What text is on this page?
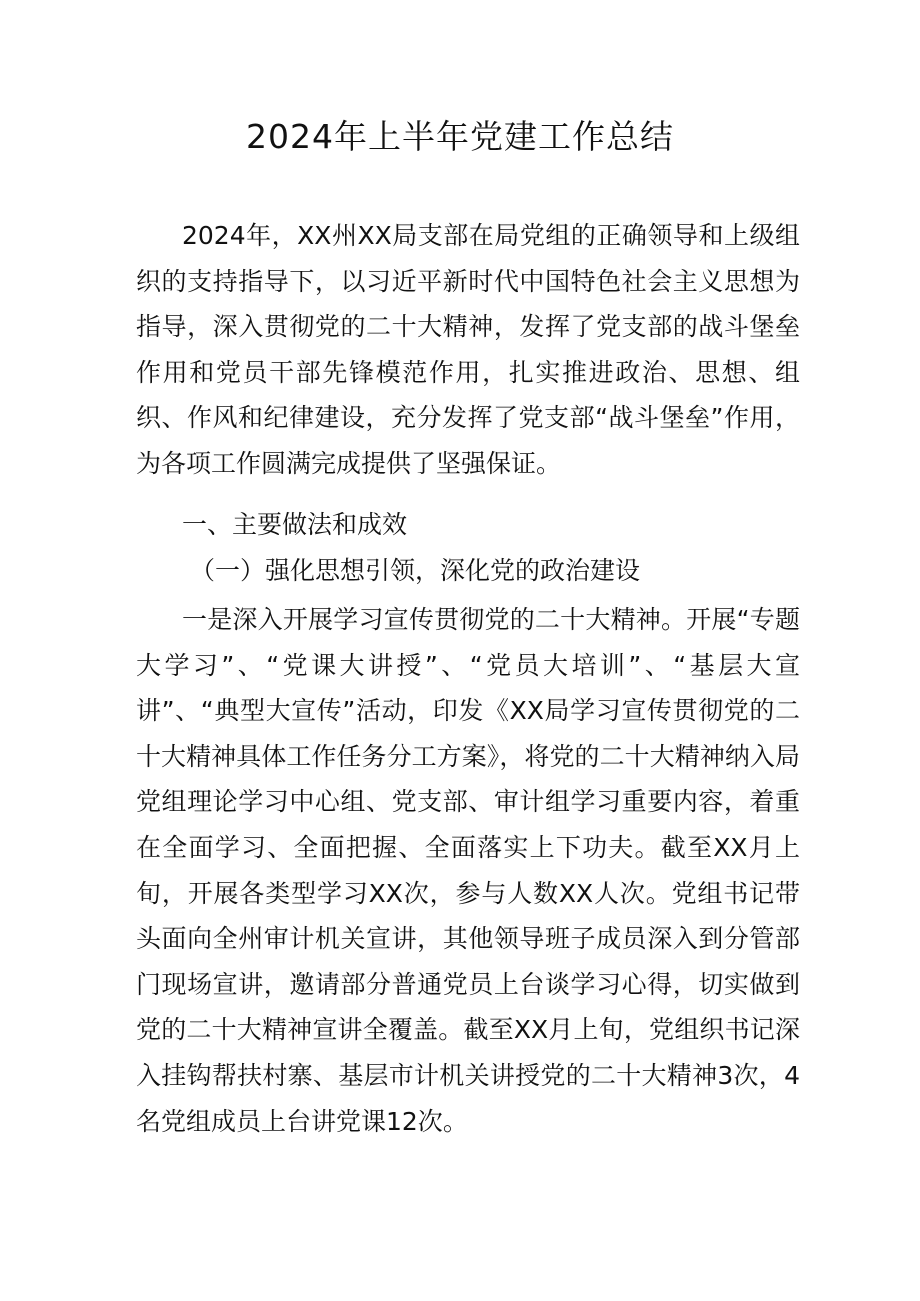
2024年上半年党建工作总结

2024年，XX州XX局支部在局党组的正确领导和上级组织的支持指导下，以习近平新时代中国特色社会主义思想为指导，深入贯彻党的二十大精神，发挥了党支部的战斗堡垒作用和党员干部先锋模范作用，扎实推进政治、思想、组织、作风和纪律建设，充分发挥了党支部“战斗堡垒”作用，为各项工作圆满完成提供了坚强保证。

一、主要做法和成效

（一）强化思想引领，深化党的政治建设

一是深入开展学习宣传贯彻党的二十大精神。开展“专题大学习”、“党课大讲授”、“党员大培训”、“基层大宣讲”、“典型大宣传”活动，印发《XX局学习宣传贯彻党的二十大精神具体工作任务分工方案》，将党的二十大精神纳入局党组理论学习中心组、党支部、审计组学习重要内容，着重在全面学习、全面把握、全面落实上下功夫。截至XX月上旬，开展各类型学习XX次，参与人数XX人次。党组书记带头面向全州审计机关宣讲，其他领导班子成员深入到分管部门现场宣讲，邀请部分普通党员上台谈学习心得，切实做到党的二十大精神宣讲全覆盖。截至XX月上旬，党组织书记深入挂钩帮扶村寨、基层市计机关讲授党的二十大精神3次，4名党组成员上台讲党课12次。
